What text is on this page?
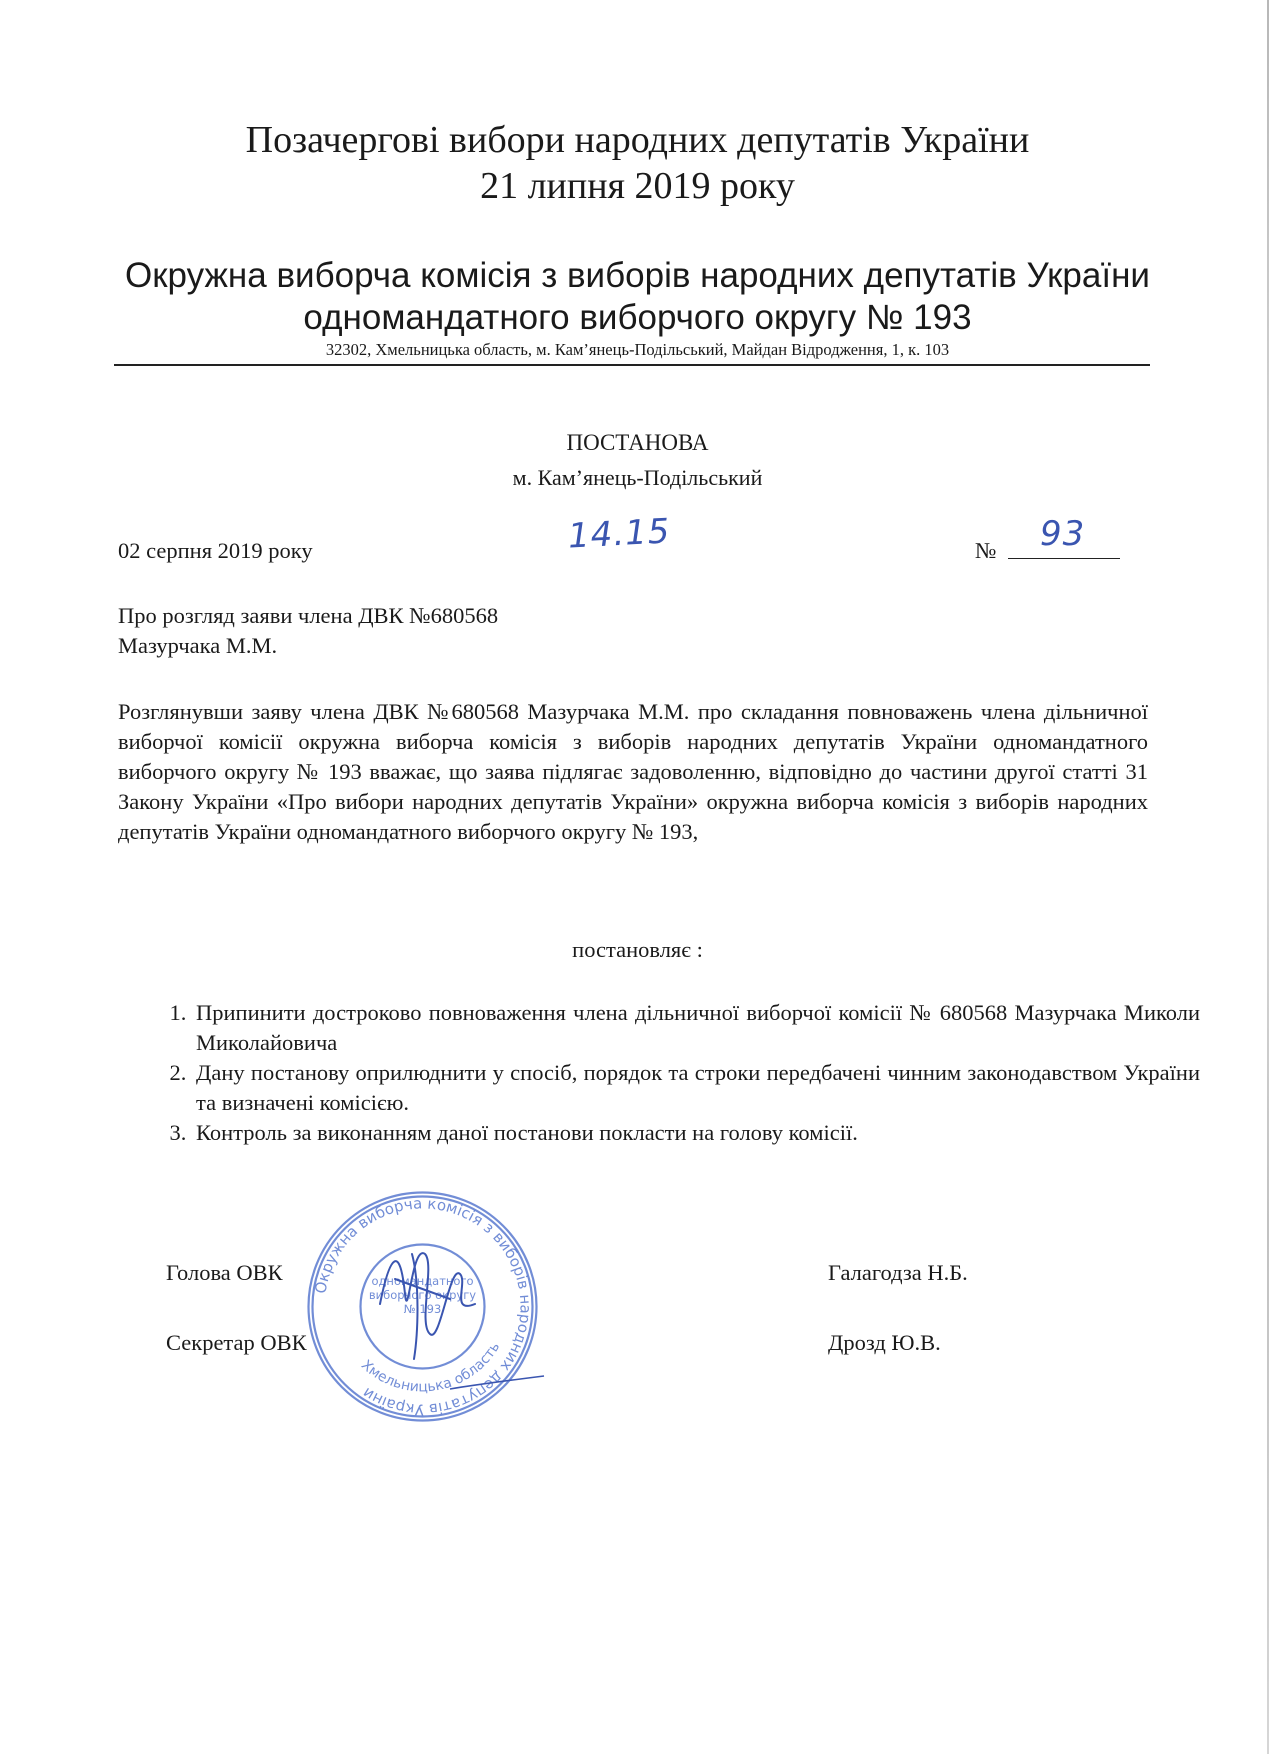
Позачергові вибори народних депутатів України
21 липня 2019 року
Окружна виборча комісія з виборів народних депутатів України
одномандатного виборчого округу № 193
32302, Хмельницька область, м. Кам’янець-Подільський, Майдан Відродження, 1, к. 103
ПОСТАНОВА
м. Кам’янець-Подільський
02 серпня 2019 року	14.15	№ 93
Про розгляд заяви члена ДВК №680568
Мазурчака М.М.
Розглянувши заяву члена ДВК №680568 Мазурчака М.М. про складання повноважень члена дільничної виборчої комісії окружна виборча комісія з виборів народних депутатів України одномандатного виборчого округу № 193 вважає, що заява підлягає задоволенню, відповідно до частини другої статті 31 Закону України «Про вибори народних депутатів України» окружна виборча комісія з виборів народних депутатів України одномандатного виборчого округу № 193,
постановляє :
1. Припинити достроково повноваження члена дільничної виборчої комісії № 680568 Мазурчака Миколи Миколайовича
2. Дану постанову оприлюднити у спосіб, порядок та строки передбачені чинним законодавством України та визначені комісією.
3. Контроль за виконанням даної постанови покласти на голову комісії.
Окружна виборча комісія з виборів народних депутатів України
Хмельницька область
одномандатного виборчого округу № 193
Голова ОВК	Галагодза Н.Б.
Секретар ОВК	Дрозд Ю.В.
